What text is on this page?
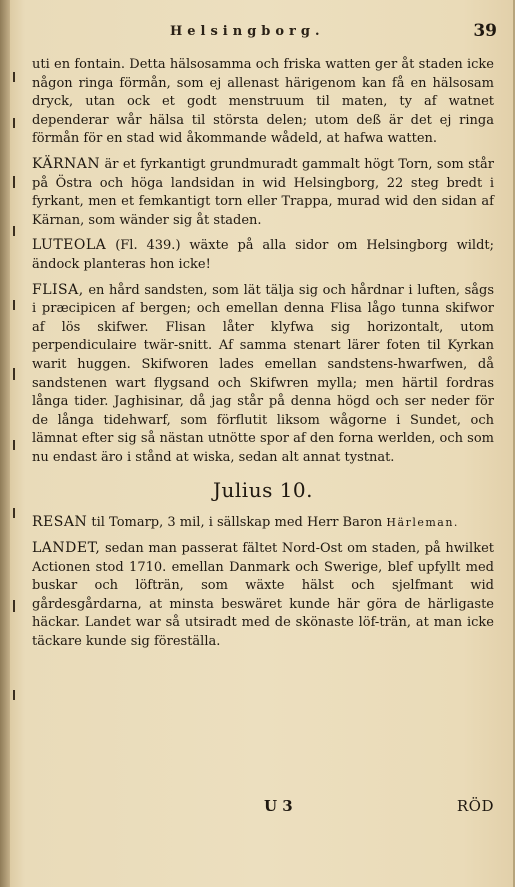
Helsingborg.	39

uti en fontain. Detta hälsosamma och friska watten ger åt staden icke någon ringa förmån, som ej allenast härigenom kan få en hälsosam dryck, utan ock et godt menstruum til maten, ty af watnet dependerar wår hälsa til största delen; utom deß är det ej ringa förmån för en stad wid åkommande wådeld, at hafwa watten.

KÄRNAN är et fyrkantigt grundmuradt gammalt högt Torn, som står på Östra och höga landsidan in wid Helsingborg, 22 steg bredt i fyrkant, men et femkantigt torn eller Trappa, murad wid den sidan af Kärnan, som wänder sig åt staden.

LUTEOLA (Fl. 439.) wäxte på alla sidor om Helsingborg wildt; ändock planteras hon icke!

FLISA, en hård sandsten, som lät tälja sig och hårdnar i luften, sågs i præcipicen af bergen; och emellan denna Flisa lågo tunna skifwor af lös skifwer. Flisan låter klyfwa sig horizontalt, utom perpendiculaire twär-snitt. Af samma stenart lärer foten til Kyrkan warit huggen. Skifworen lades emellan sandstens-hwarfwen, då sandstenen wart flygsand och Skifwren mylla; men härtil fordras långa tider. Jaghisinar, då jag står på denna högd och ser neder för de långa tidehwarf, som förflutit liksom wågorne i Sundet, och lämnat efter sig så nästan utnötte spor af den forna werlden, och som nu endast äro i stånd at wiska, sedan alt annat tystnat.

Julius 10.

RESAN til Tomarp, 3 mil, i sällskap med Herr Baron Härleman.

LANDET, sedan man passerat fältet Nord-Ost om staden, på hwilket Actionen stod 1710. emellan Danmark och Swerige, blef upfyllt med buskar och löfträn, som wäxte hälst och sjelfmant wid gårdesgårdarna, at minsta beswäret kunde här göra de härligaste häckar. Landet war så utsiradt med de skönaste löf-trän, at man icke täckare kunde sig föreställa.

U 3	RÖD
